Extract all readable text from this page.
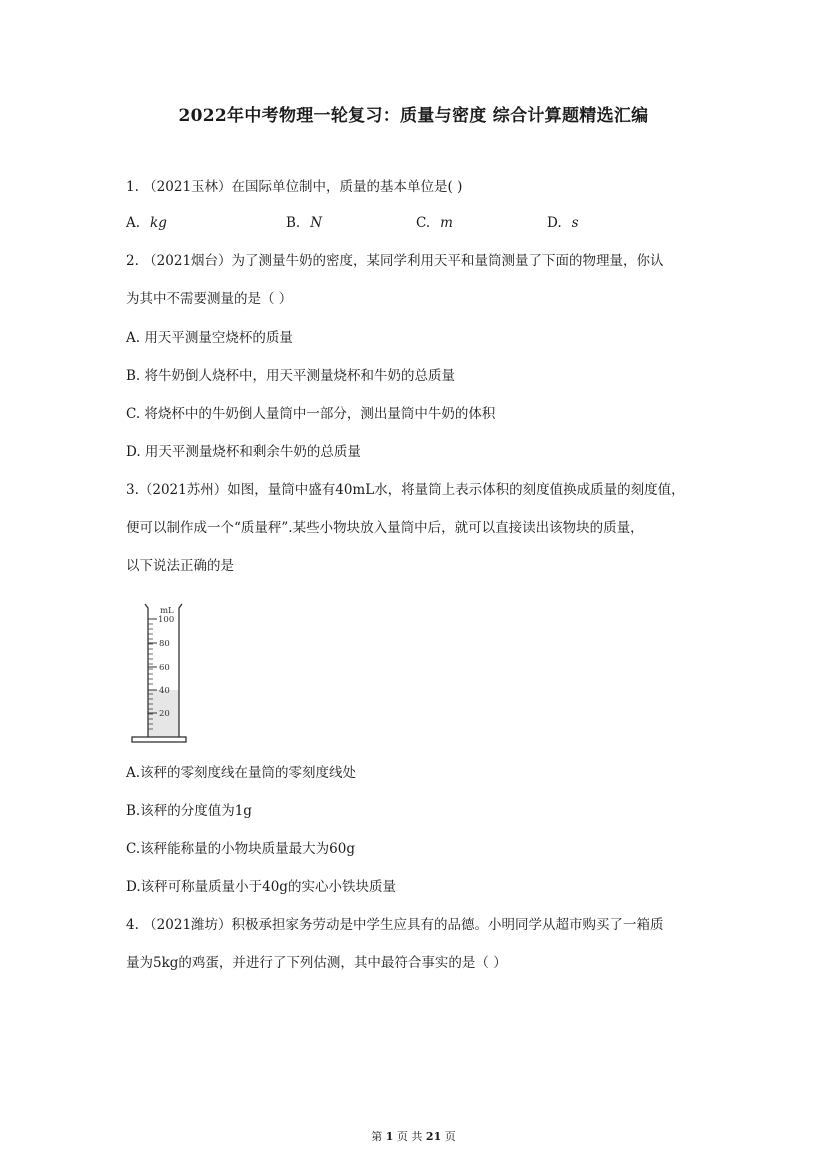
2022年中考物理一轮复习：质量与密度 综合计算题精选汇编
1. （2021玉林）在国际单位制中，质量的基本单位是( )
A. kg	B. N	C. m	D. s
2. （2021烟台）为了测量牛奶的密度，某同学利用天平和量筒测量了下面的物理量，你认
为其中不需要测量的是（ ）
A. 用天平测量空烧杯的质量
B. 将牛奶倒人烧杯中，用天平测量烧杯和牛奶的总质量
C. 将烧杯中的牛奶倒人量筒中一部分，测出量筒中牛奶的体积
D. 用天平测量烧杯和剩余牛奶的总质量
3.（2021苏州）如图，量筒中盛有40mL水，将量筒上表示体积的刻度值换成质量的刻度值，
便可以制作成一个“质量秤”.某些小物块放入量筒中后，就可以直接读出该物块的质量，
以下说法正确的是
mL
100
80
60
40
20
A.该秤的零刻度线在量筒的零刻度线处
B.该秤的分度值为1g
C.该秤能称量的小物块质量最大为60g
D.该秤可称量质量小于40g的实心小铁块质量
4. （2021潍坊）积极承担家务劳动是中学生应具有的品德。小明同学从超市购买了一箱质
量为5kg的鸡蛋，并进行了下列估测，其中最符合事实的是（ ）
第 1 页 共 21 页
